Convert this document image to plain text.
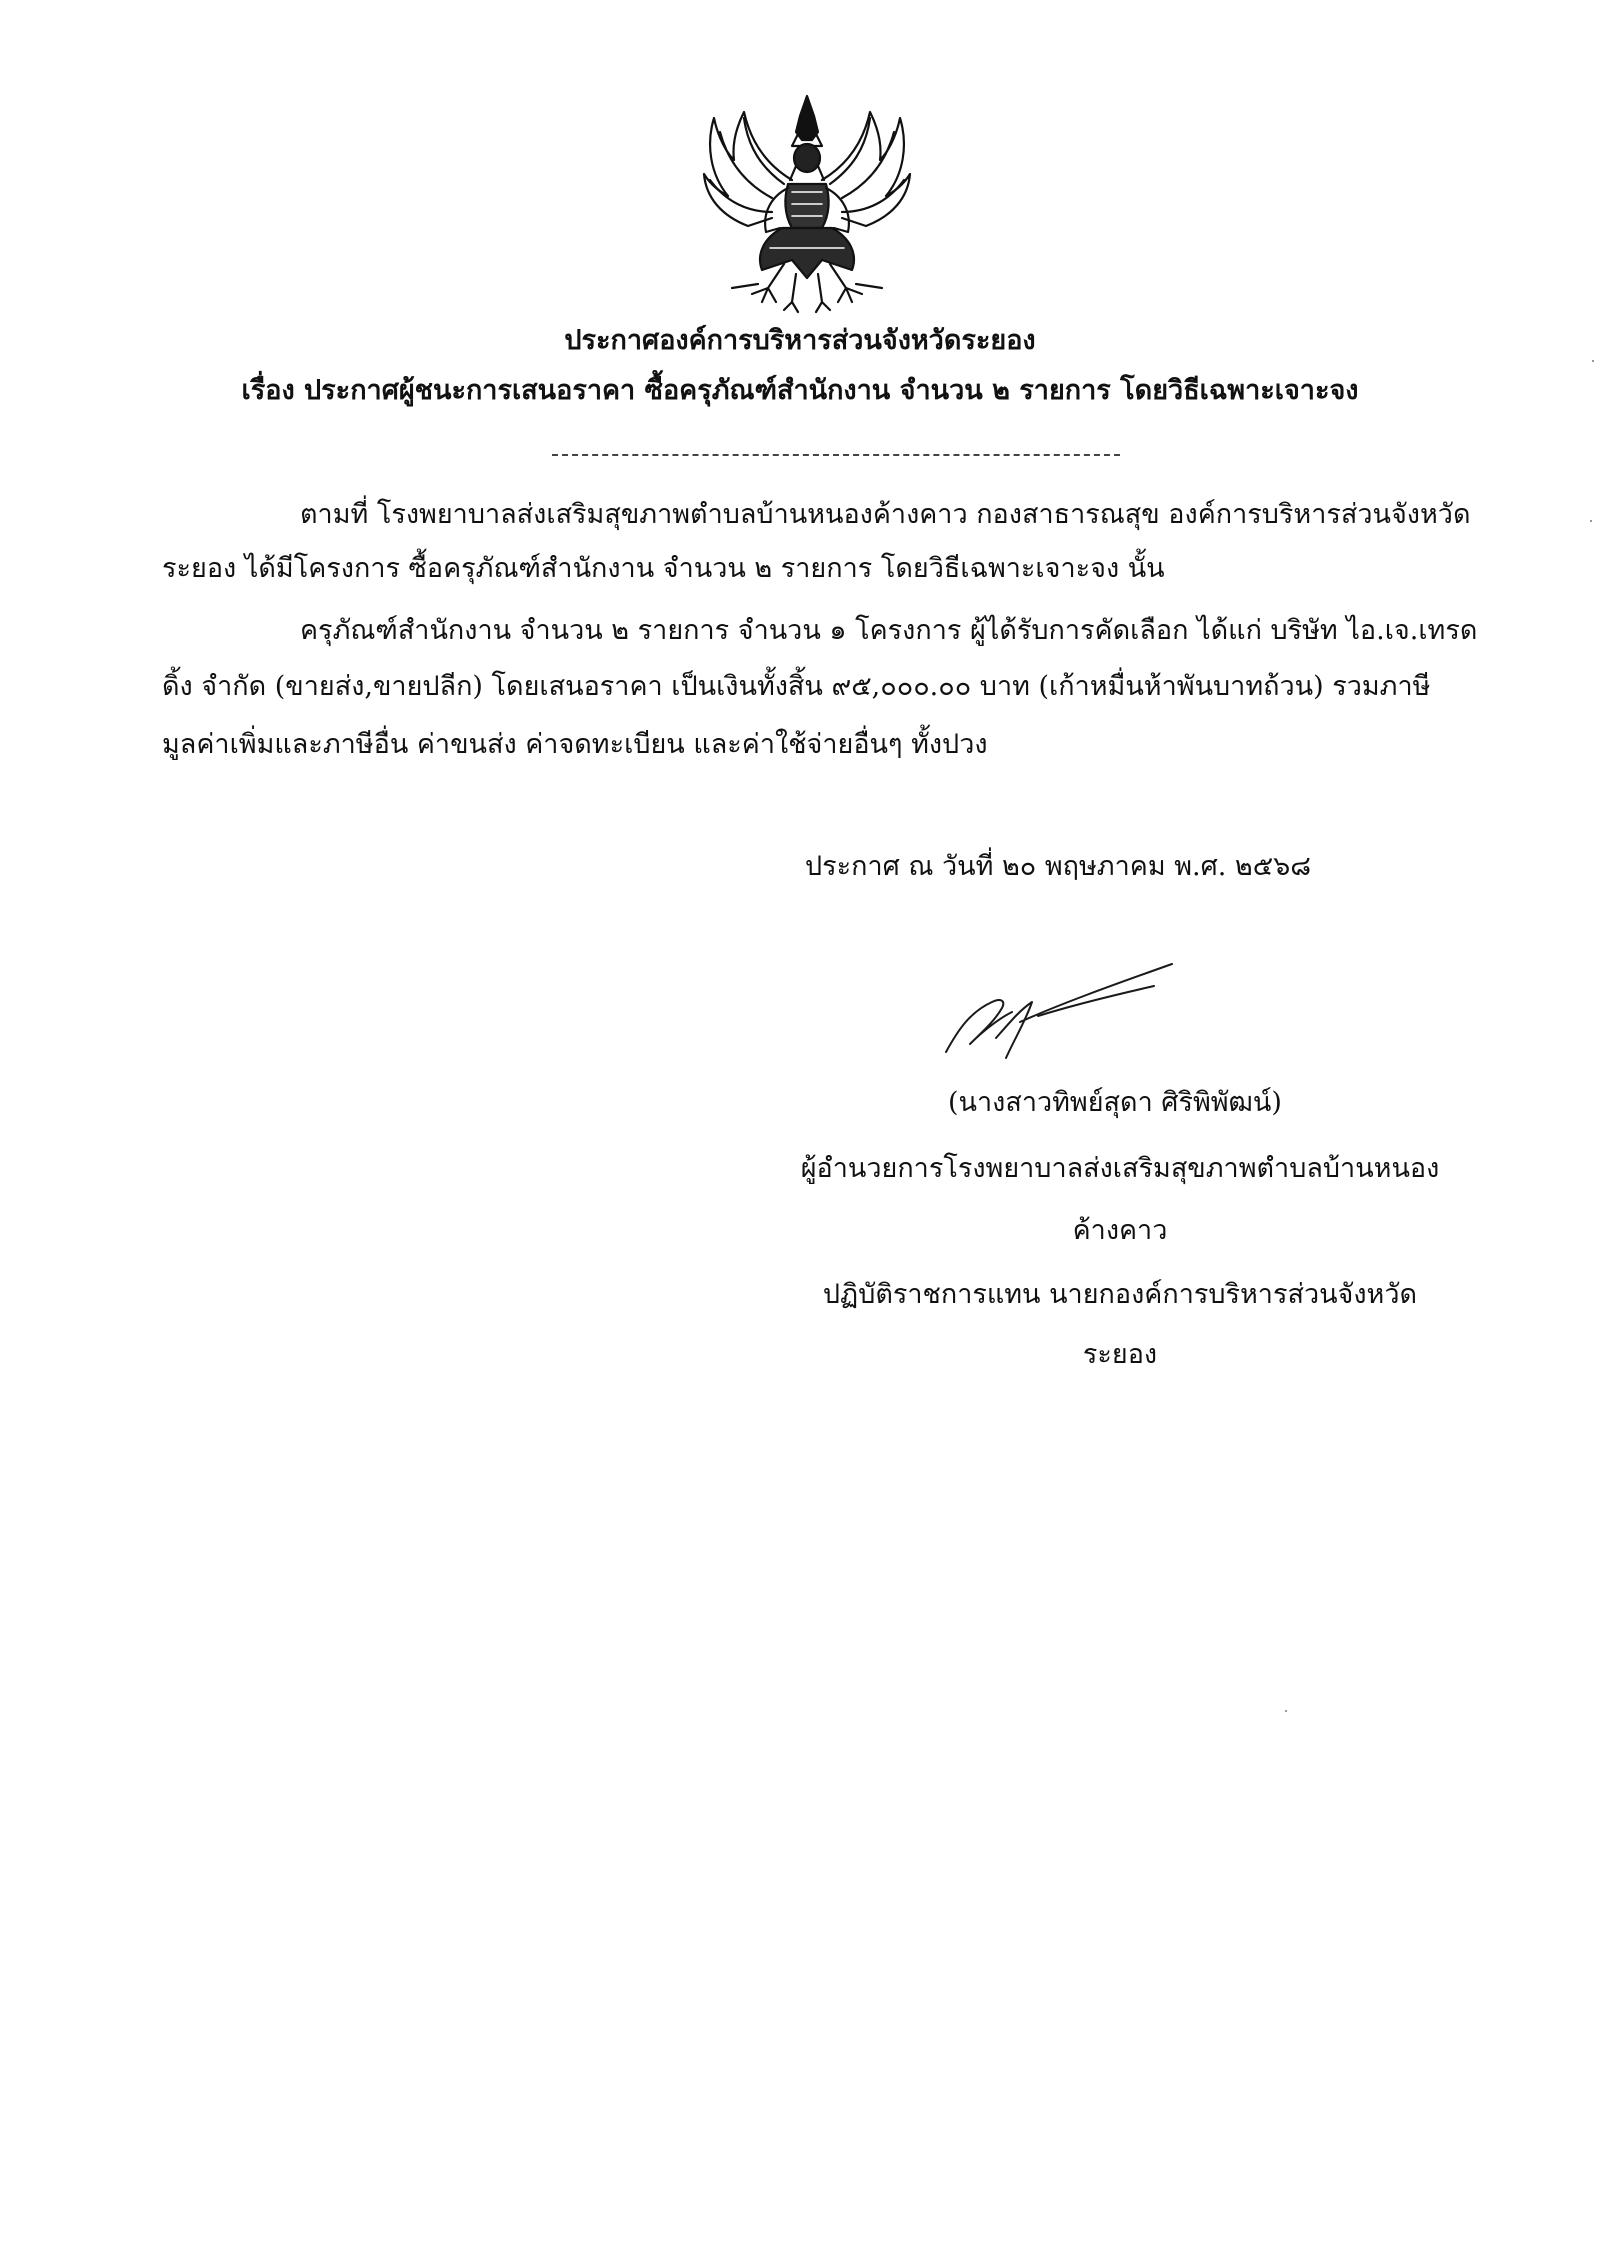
ประกาศองค์การบริหารส่วนจังหวัดระยอง
เรื่อง ประกาศผู้ชนะการเสนอราคา ซื้อครุภัณฑ์สำนักงาน จำนวน ๒ รายการ โดยวิธีเฉพาะเจาะจง
ตามที่ โรงพยาบาลส่งเสริมสุขภาพตำบลบ้านหนองค้างคาว กองสาธารณสุข องค์การบริหารส่วนจังหวัด
ระยอง ได้มีโครงการ ซื้อครุภัณฑ์สำนักงาน จำนวน ๒ รายการ โดยวิธีเฉพาะเจาะจง นั้น
ครุภัณฑ์สำนักงาน จำนวน ๒ รายการ จำนวน ๑ โครงการ ผู้ได้รับการคัดเลือก ได้แก่ บริษัท ไอ.เจ.เทรด
ดิ้ง จำกัด (ขายส่ง,ขายปลีก) โดยเสนอราคา เป็นเงินทั้งสิ้น ๙๕,๐๐๐.๐๐ บาท (เก้าหมื่นห้าพันบาทถ้วน) รวมภาษี
มูลค่าเพิ่มและภาษีอื่น ค่าขนส่ง ค่าจดทะเบียน และค่าใช้จ่ายอื่นๆ ทั้งปวง
ประกาศ ณ วันที่ ๒๐ พฤษภาคม พ.ศ. ๒๕๖๘
(นางสาวทิพย์สุดา ศิริพิพัฒน์)
ผู้อำนวยการโรงพยาบาลส่งเสริมสุขภาพตำบลบ้านหนอง
ค้างคาว
ปฏิบัติราชการแทน นายกองค์การบริหารส่วนจังหวัด
ระยอง
